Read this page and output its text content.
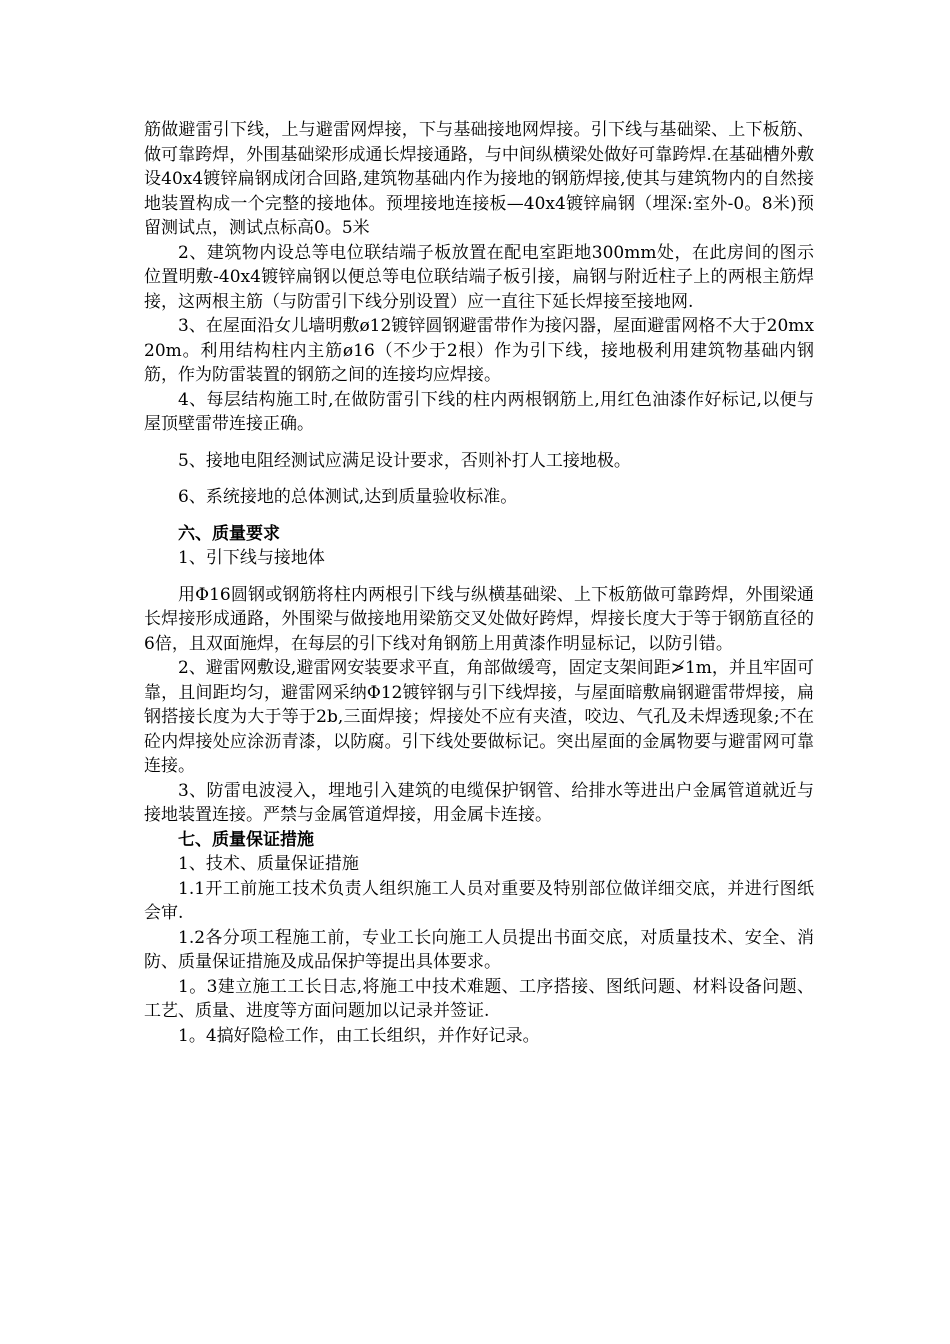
筋做避雷引下线，上与避雷网焊接，下与基础接地网焊接。引下线与基础梁、上下板筋、做可靠跨焊，外围基础梁形成通长焊接通路，与中间纵横梁处做好可靠跨焊.在基础槽外敷设40x4镀锌扁钢成闭合回路,建筑物基础内作为接地的钢筋焊接,使其与建筑物内的自然接地装置构成一个完整的接地体。预埋接地连接板—40x4镀锌扁钢（埋深:室外-0。8米)预留测试点，测试点标高0。5米

2、建筑物内设总等电位联结端子板放置在配电室距地300mm处，在此房间的图示位置明敷-40x4镀锌扁钢以便总等电位联结端子板引接，扁钢与附近柱子上的两根主筋焊接，这两根主筋（与防雷引下线分别设置）应一直往下延长焊接至接地网.

3、在屋面沿女儿墙明敷ø12镀锌圆钢避雷带作为接闪器，屋面避雷网格不大于20mx20m。利用结构柱内主筋ø16（不少于2根）作为引下线，接地极利用建筑物基础内钢筋，作为防雷装置的钢筋之间的连接均应焊接。

4、每层结构施工时,在做防雷引下线的柱内两根钢筋上,用红色油漆作好标记,以便与屋顶壁雷带连接正确。

5、接地电阻经测试应满足设计要求，否则补打人工接地极。

6、系统接地的总体测试,达到质量验收标准。

六、质量要求

1、引下线与接地体

用Φ16圆钢或钢筋将柱内两根引下线与纵横基础梁、上下板筋做可靠跨焊，外围梁通长焊接形成通路，外围梁与做接地用梁筋交叉处做好跨焊，焊接长度大于等于钢筋直径的6倍，且双面施焊，在每层的引下线对角钢筋上用黄漆作明显标记，以防引错。

2、避雷网敷设,避雷网安装要求平直，角部做缓弯，固定支架间距≯1m，并且牢固可靠，且间距均匀，避雷网采纳Φ12镀锌钢与引下线焊接，与屋面暗敷扁钢避雷带焊接，扁钢搭接长度为大于等于2b,三面焊接；焊接处不应有夹渣，咬边、气孔及未焊透现象;不在砼内焊接处应涂沥青漆，以防腐。引下线处要做标记。突出屋面的金属物要与避雷网可靠连接。

3、防雷电波浸入，埋地引入建筑的电缆保护钢管、给排水等进出户金属管道就近与接地装置连接。严禁与金属管道焊接，用金属卡连接。

七、质量保证措施

1、技术、质量保证措施

1.1开工前施工技术负责人组织施工人员对重要及特别部位做详细交底，并进行图纸会审.

1.2各分项工程施工前，专业工长向施工人员提出书面交底，对质量技术、安全、消防、质量保证措施及成品保护等提出具体要求。

1。3建立施工工长日志,将施工中技术难题、工序搭接、图纸问题、材料设备问题、工艺、质量、进度等方面问题加以记录并签证.

1。4搞好隐检工作，由工长组织，并作好记录。
